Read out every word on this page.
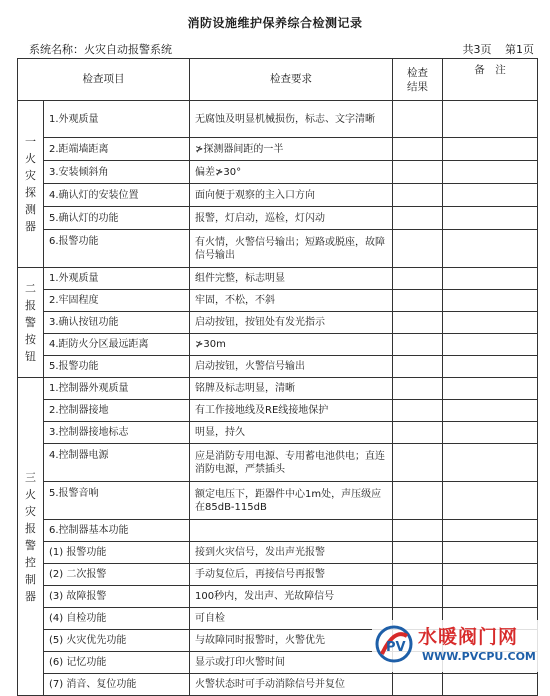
消防设施维护保养综合检测记录
系统名称：火灾自动报警系统	共3页 第1页
检查项目		检查要求	检查结果	备　注

一火灾探测器	1.外观质量	无腐蚀及明显机械损伤，标志、文字清晰		
	2.距端墙距离	≯探测器间距的一半		
	3.安装倾斜角	偏差≯30°		
	4.确认灯的安装位置	面向便于观察的主入口方向		
	5.确认灯的功能	报警，灯启动，巡检，灯闪动		
	6.报警功能	有火情，火警信号输出；短路或脱座，故障信号输出		

二报警按钮	1.外观质量	组件完整，标志明显		
	2.牢固程度	牢固，不松，不斜		
	3.确认按钮功能	启动按钮，按钮处有发光指示		
	4.距防火分区最远距离	≯30m		
	5.报警功能	启动按钮，火警信号输出		

三火灾报警控制器	1.控制器外观质量	铭牌及标志明显，清晰		
	2.控制器接地	有工作接地线及RE线接地保护		
	3.控制器接地标志	明显，持久		
	4.控制器电源	应是消防专用电源、专用蓄电池供电；直连消防电源，严禁插头		
	5.报警音响	额定电压下，距器件中心1m处，声压级应在85dB-115dB		
	6.控制器基本功能			
	(1) 报警功能	接到火灾信号，发出声光报警		
	(2) 二次报警	手动复位后，再接信号再报警		
	(3) 故障报警	100秒内，发出声、光故障信号		
	(4) 自检功能	可自检		
	(5) 火灾优先功能	与故障同时报警时，火警优先		
	(6) 记忆功能	显示或打印火警时间		
	(7) 消音、复位功能	火警状态时可手动消除信号并复位		
PV 水暖阀门网
WWW.PVCPU.COM
